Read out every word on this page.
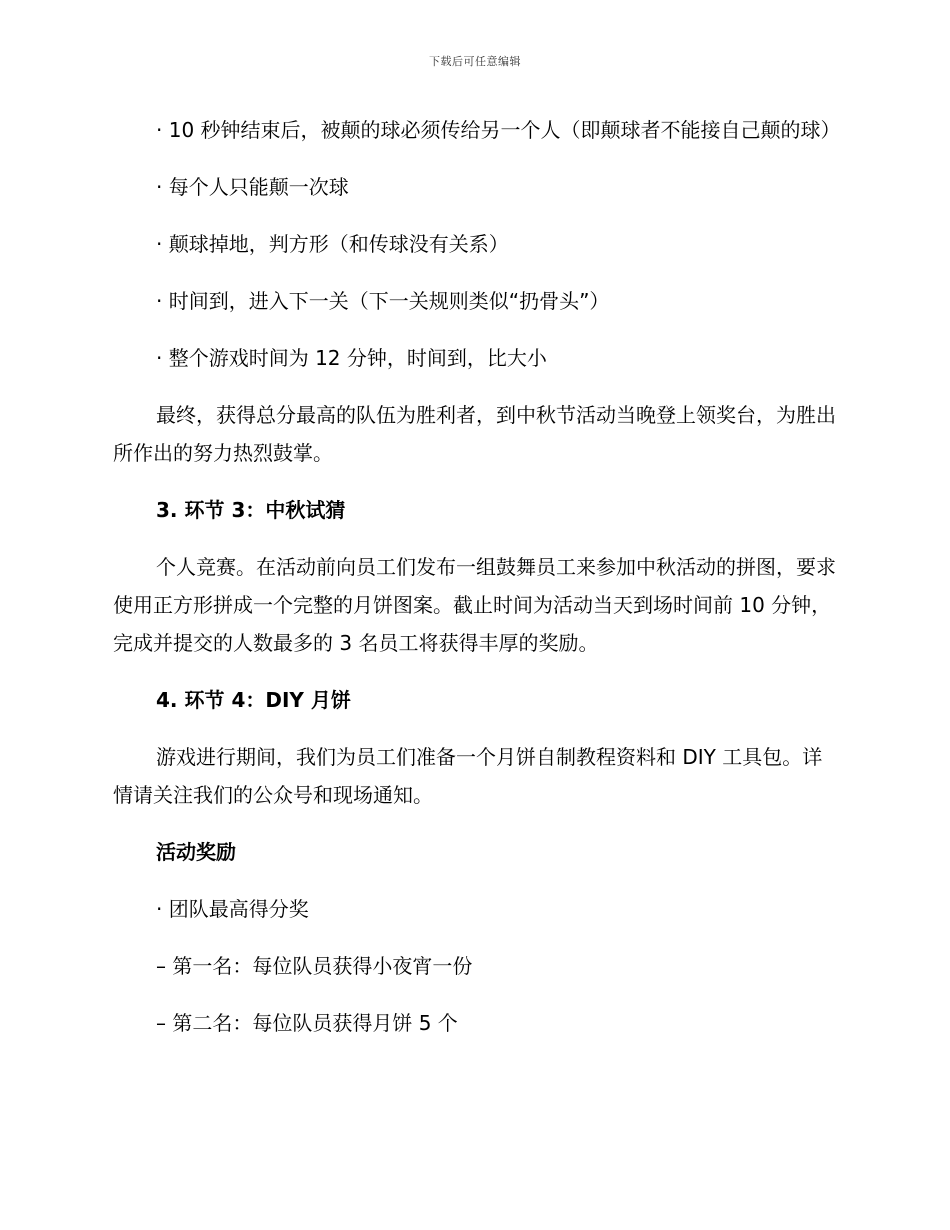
下载后可任意编辑
· 10 秒钟结束后，被颠的球必须传给另一个人（即颠球者不能接自己颠的球）
· 每个人只能颠一次球
· 颠球掉地，判方形（和传球没有关系）
· 时间到，进入下一关（下一关规则类似“扔骨头”）
· 整个游戏时间为 12 分钟，时间到，比大小
最终，获得总分最高的队伍为胜利者，到中秋节活动当晚登上领奖台，为胜出所作出的努力热烈鼓掌。
3. 环节 3：中秋试猜
个人竞赛。在活动前向员工们发布一组鼓舞员工来参加中秋活动的拼图，要求使用正方形拼成一个完整的月饼图案。截止时间为活动当天到场时间前 10 分钟，完成并提交的人数最多的 3 名员工将获得丰厚的奖励。
4. 环节 4：DIY 月饼
游戏进行期间，我们为员工们准备一个月饼自制教程资料和 DIY 工具包。详情请关注我们的公众号和现场通知。
活动奖励
· 团队最高得分奖
– 第一名：每位队员获得小夜宵一份
– 第二名：每位队员获得月饼 5 个
